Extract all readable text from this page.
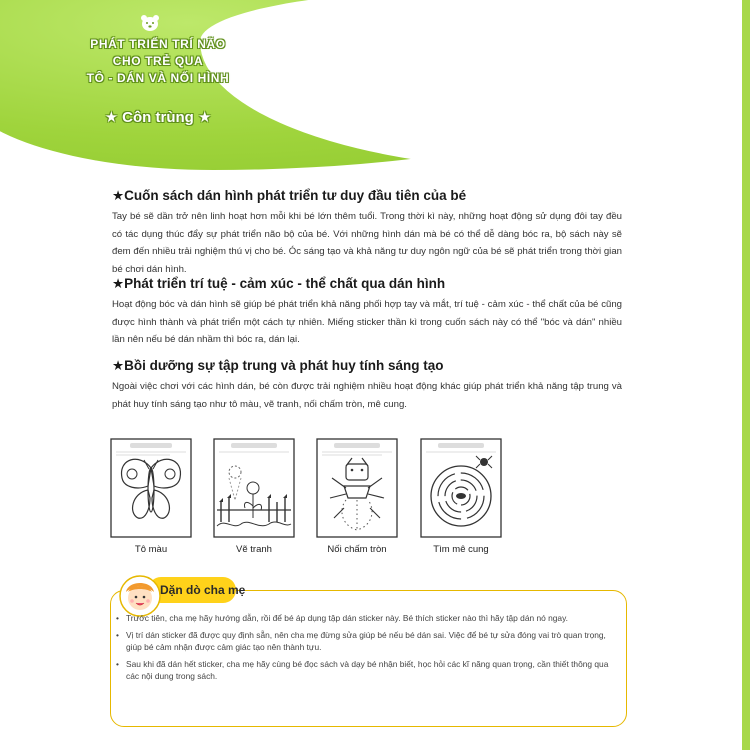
PHÁT TRIỂN TRÍ NÃO
CHO TRẺ QUA
TÔ - DÁN VÀ NỐI HÌNH
★ Côn trùng ★

★Cuốn sách dán hình phát triển tư duy đầu tiên của bé

Tay bé sẽ dần trở nên linh hoạt hơn mỗi khi bé lớn thêm tuổi. Trong thời kì này, những hoạt động sử dụng đôi tay đều có tác dụng thúc đẩy sự phát triển não bộ của bé. Với những hình dán mà bé có thể dễ dàng bóc ra, bộ sách này sẽ đem đến nhiều trải nghiệm thú vị cho bé. Óc sáng tạo và khả năng tư duy ngôn ngữ của bé sẽ phát triển trong thời gian bé chơi dán hình.

★Phát triển trí tuệ - cảm xúc - thể chất qua dán hình

Hoạt động bóc và dán hình sẽ giúp bé phát triển khả năng phối hợp tay và mắt, trí tuệ - cảm xúc - thể chất của bé cũng được hình thành và phát triển một cách tự nhiên. Miếng sticker thần kì trong cuốn sách này có thể "bóc và dán" nhiều lần nên nếu bé dán nhầm thì bóc ra, dán lại.

★Bồi dưỡng sự tập trung và phát huy tính sáng tạo

Ngoài việc chơi với các hình dán, bé còn được trải nghiệm nhiều hoạt động khác giúp phát triển khả năng tập trung và phát huy tính sáng tạo như tô màu, vẽ tranh, nối chấm tròn, mê cung.

Tô màu	Vẽ tranh	Nối chấm tròn	Tìm mê cung
Dặn dò cha mẹ
• Trước tiên, cha mẹ hãy hướng dẫn, rồi để bé áp dụng tập dán sticker này. Bé thích sticker nào thì hãy tập dán nó ngay.
• Vị trí dán sticker đã được quy định sẵn, nên cha mẹ đừng sửa giúp bé nếu bé dán sai. Việc để bé tự sửa đóng vai trò quan trọng, giúp bé cảm nhận được cảm giác tạo nên thành tựu.
• Sau khi đã dán hết sticker, cha mẹ hãy cùng bé đọc sách và dạy bé nhận biết, học hỏi các kĩ năng quan trọng, cần thiết thông qua các nội dung trong sách.
